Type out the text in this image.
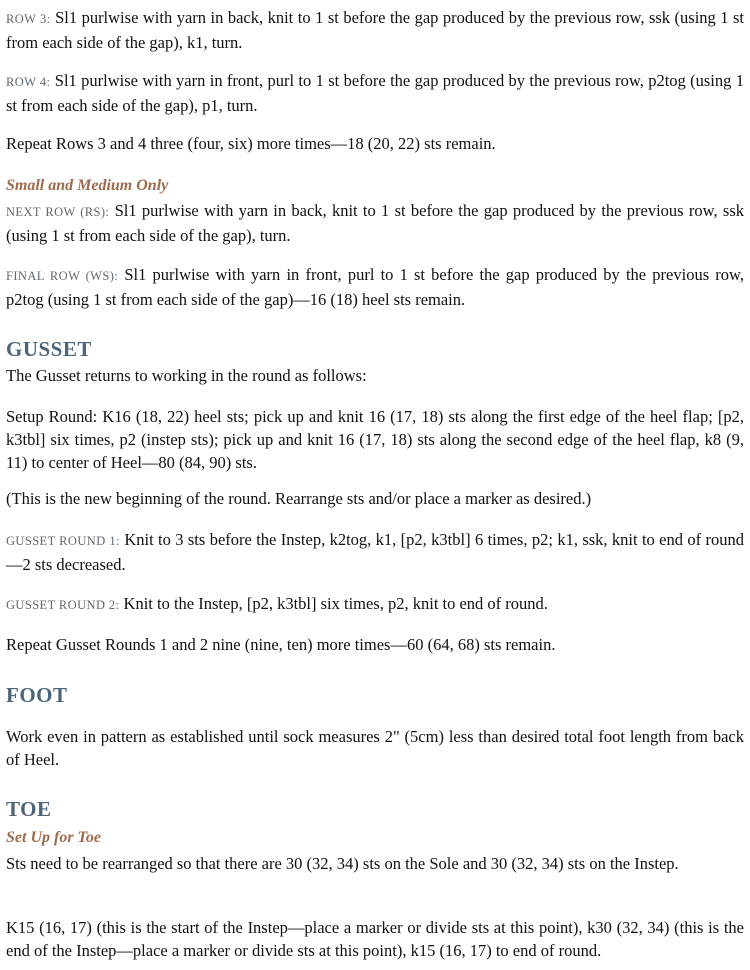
ROW 3: Sl1 purlwise with yarn in back, knit to 1 st before the gap produced by the previous row, ssk (using 1 st from each side of the gap), k1, turn.

ROW 4: Sl1 purlwise with yarn in front, purl to 1 st before the gap produced by the previous row, p2tog (using 1 st from each side of the gap), p1, turn.

Repeat Rows 3 and 4 three (four, six) more times—18 (20, 22) sts remain.

Small and Medium Only

NEXT ROW (RS): Sl1 purlwise with yarn in back, knit to 1 st before the gap produced by the previous row, ssk (using 1 st from each side of the gap), turn.

FINAL ROW (WS): Sl1 purlwise with yarn in front, purl to 1 st before the gap produced by the previous row, p2tog (using 1 st from each side of the gap)—16 (18) heel sts remain.

GUSSET

The Gusset returns to working in the round as follows:

Setup Round: K16 (18, 22) heel sts; pick up and knit 16 (17, 18) sts along the first edge of the heel flap; [p2, k3tbl] six times, p2 (instep sts); pick up and knit 16 (17, 18) sts along the second edge of the heel flap, k8 (9, 11) to center of Heel—80 (84, 90) sts.

(This is the new beginning of the round. Rearrange sts and/or place a marker as desired.)

GUSSET ROUND 1: Knit to 3 sts before the Instep, k2tog, k1, [p2, k3tbl] 6 times, p2; k1, ssk, knit to end of round—2 sts decreased.

GUSSET ROUND 2: Knit to the Instep, [p2, k3tbl] six times, p2, knit to end of round.

Repeat Gusset Rounds 1 and 2 nine (nine, ten) more times—60 (64, 68) sts remain.

FOOT

Work even in pattern as established until sock measures 2" (5cm) less than desired total foot length from back of Heel.

TOE
Set Up for Toe

Sts need to be rearranged so that there are 30 (32, 34) sts on the Sole and 30 (32, 34) sts on the Instep.

K15 (16, 17) (this is the start of the Instep—place a marker or divide sts at this point), k30 (32, 34) (this is the end of the Instep—place a marker or divide sts at this point), k15 (16, 17) to end of round.
